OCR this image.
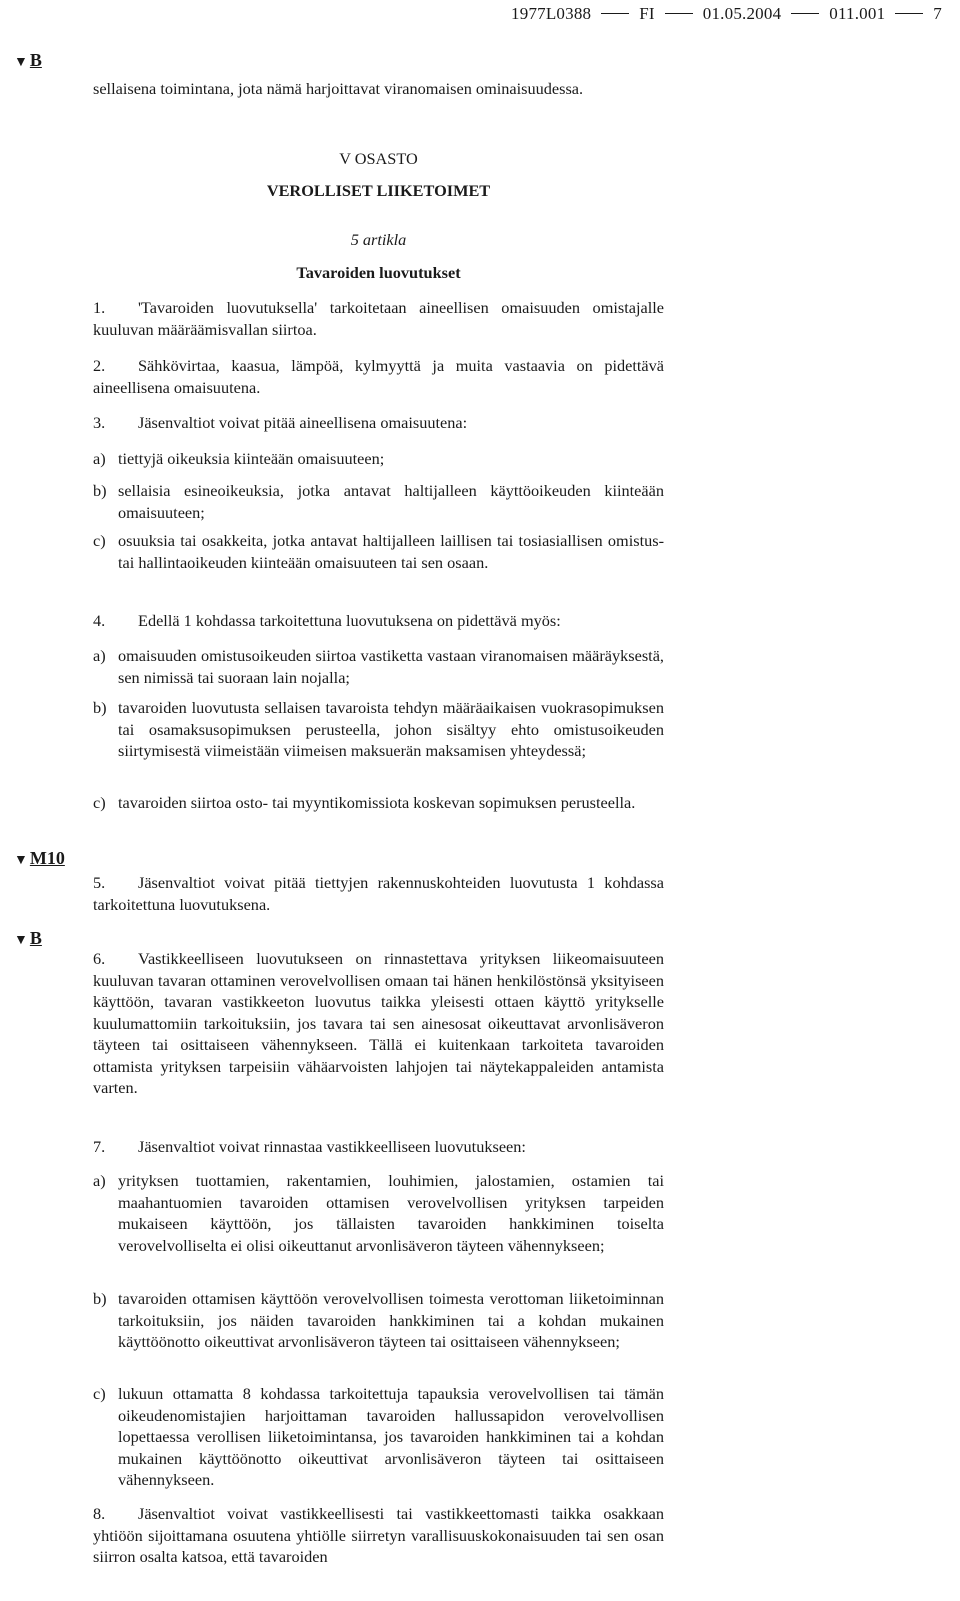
1977L0388	FI	01.05.2004	011.001	7
▼ B
▼ M10
▼ B
sellaisena toimintana, jota nämä harjoittavat viranomaisen ominaisuudessa.
V OSASTO
VEROLLISET LIIKETOIMET
5 artikla
Tavaroiden luovutukset
1. 'Tavaroiden luovutuksella' tarkoitetaan aineellisen omaisuuden omistajalle kuuluvan määräämisvallan siirtoa.
2. Sähkövirtaa, kaasua, lämpöä, kylmyyttä ja muita vastaavia on pidettävä aineellisena omaisuutena.
3. Jäsenvaltiot voivat pitää aineellisena omaisuutena:
a) tiettyjä oikeuksia kiinteään omaisuuteen;
b) sellaisia esineoikeuksia, jotka antavat haltijalleen käyttöoikeuden kiinteään omaisuuteen;
c) osuuksia tai osakkeita, jotka antavat haltijalleen laillisen tai tosiasiallisen omistus- tai hallintaoikeuden kiinteään omaisuuteen tai sen osaan.
4. Edellä 1 kohdassa tarkoitettuna luovutuksena on pidettävä myös:
a) omaisuuden omistusoikeuden siirtoa vastiketta vastaan viranomaisen määräyksestä, sen nimissä tai suoraan lain nojalla;
b) tavaroiden luovutusta sellaisen tavaroista tehdyn määräaikaisen vuokrasopimuksen tai osamaksusopimuksen perusteella, johon sisältyy ehto omistusoikeuden siirtymisestä viimeistään viimeisen maksuerän maksamisen yhteydessä;
c) tavaroiden siirtoa osto- tai myyntikomissiota koskevan sopimuksen perusteella.
5. Jäsenvaltiot voivat pitää tiettyjen rakennuskohteiden luovutusta 1 kohdassa tarkoitettuna luovutuksena.
6. Vastikkeelliseen luovutukseen on rinnastettava yrityksen liikeomaisuuteen kuuluvan tavaran ottaminen verovelvollisen omaan tai hänen henkilöstönsä yksityiseen käyttöön, tavaran vastikkeeton luovutus taikka yleisesti ottaen käyttö yritykselle kuulumattomiin tarkoituksiin, jos tavara tai sen ainesosat oikeuttavat arvonlisäveron täyteen tai osittaiseen vähennykseen. Tällä ei kuitenkaan tarkoiteta tavaroiden ottamista yrityksen tarpeisiin vähäarvoisten lahjojen tai näytekappaleiden antamista varten.
7. Jäsenvaltiot voivat rinnastaa vastikkeelliseen luovutukseen:
a) yrityksen tuottamien, rakentamien, louhimien, jalostamien, ostamien tai maahantuomien tavaroiden ottamisen verovelvollisen yrityksen tarpeiden mukaiseen käyttöön, jos tällaisten tavaroiden hankkiminen toiselta verovelvolliselta ei olisi oikeuttanut arvonlisäveron täyteen vähennykseen;
b) tavaroiden ottamisen käyttöön verovelvollisen toimesta verottoman liiketoiminnan tarkoituksiin, jos näiden tavaroiden hankkiminen tai a kohdan mukainen käyttöönotto oikeuttivat arvonlisäveron täyteen tai osittaiseen vähennykseen;
c) lukuun ottamatta 8 kohdassa tarkoitettuja tapauksia verovelvollisen tai tämän oikeudenomistajien harjoittaman tavaroiden hallussapidon verovelvollisen lopettaessa verollisen liiketoimintansa, jos tavaroiden hankkiminen tai a kohdan mukainen käyttöönotto oikeuttivat arvonlisäveron täyteen tai osittaiseen vähennykseen.
8. Jäsenvaltiot voivat vastikkeellisesti tai vastikkeettomasti taikka osakkaan yhtiöön sijoittamana osuutena yhtiölle siirretyn varallisuuskokonaisuuden tai sen osan siirron osalta katsoa, että tavaroiden
